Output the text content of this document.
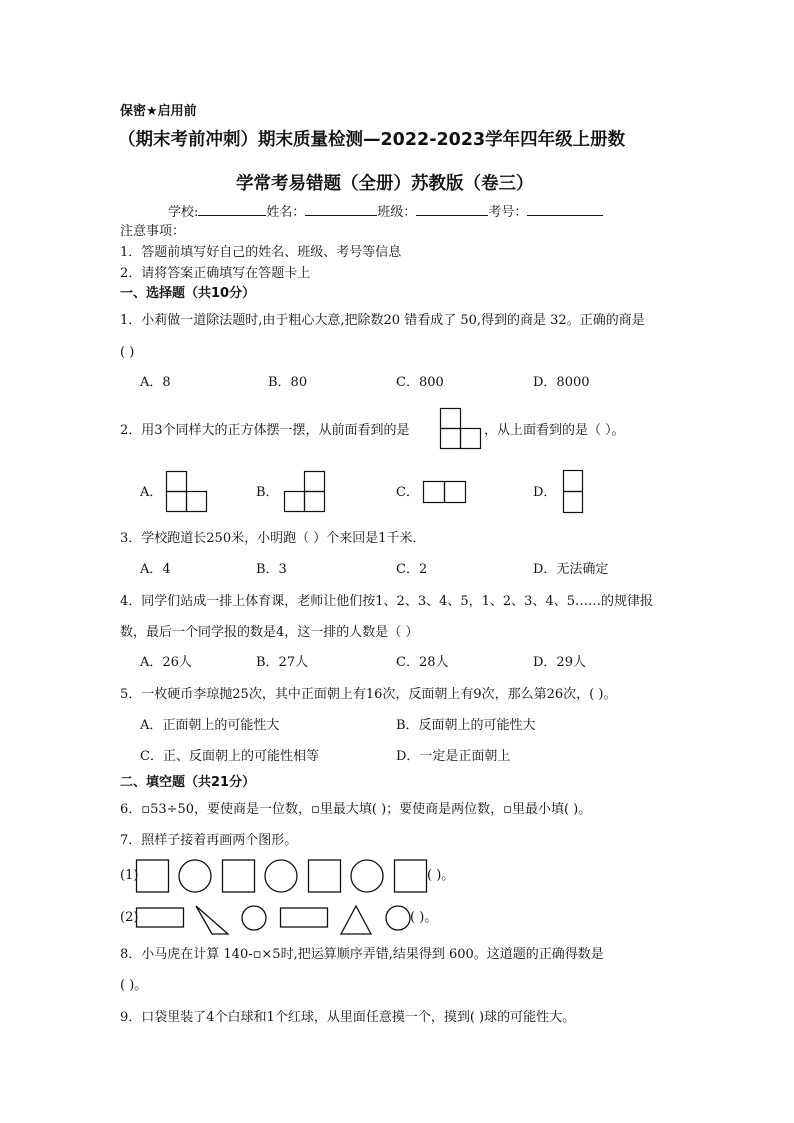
保密★启用前
（期末考前冲刺）期末质量检测—2022-2023学年四年级上册数
学常考易错题（全册）苏教版（卷三）
学校:	姓名：	班级：	考号：
注意事项：
1．答题前填写好自己的姓名、班级、考号等信息
2．请将答案正确填写在答题卡上
一、选择题（共10分）
1．小莉做一道除法题时,由于粗心大意,把除数20 错看成了 50,得到的商是 32。正确的商是
( )
A．8	B．80	C．800	D．8000
2．用3个同样大的正方体摆一摆，从前面看到的是	，从上面看到的是（ ）。
A．	B．	C．	D．
3．学校跑道长250米，小明跑（ ）个来回是1千米．
A．4	B．3	C．2	D．无法确定
4．同学们站成一排上体育课，老师让他们按1、2、3、4、5，1、2、3、4、5……的规律报
数，最后一个同学报的数是4，这一排的人数是（ ）
A．26人	B．27人	C．28人	D．29人
5．一枚硬币李琼抛25次，其中正面朝上有16次，反面朝上有9次，那么第26次，( )。
A．正面朝上的可能性大	B．反面朝上的可能性大
C．正、反面朝上的可能性相等	D．一定是正面朝上
二、填空题（共21分）
6．▫53÷50，要使商是一位数，▫里最大填( )；要使商是两位数，▫里最小填( )。
7．照样子接着再画两个图形。
(1)	( )。
(2)	( )。
8．小马虎在计算 140-▫×5时,把运算顺序弄错,结果得到 600。这道题的正确得数是
( )。
9．口袋里装了4个白球和1个红球，从里面任意摸一个，摸到( )球的可能性大。
